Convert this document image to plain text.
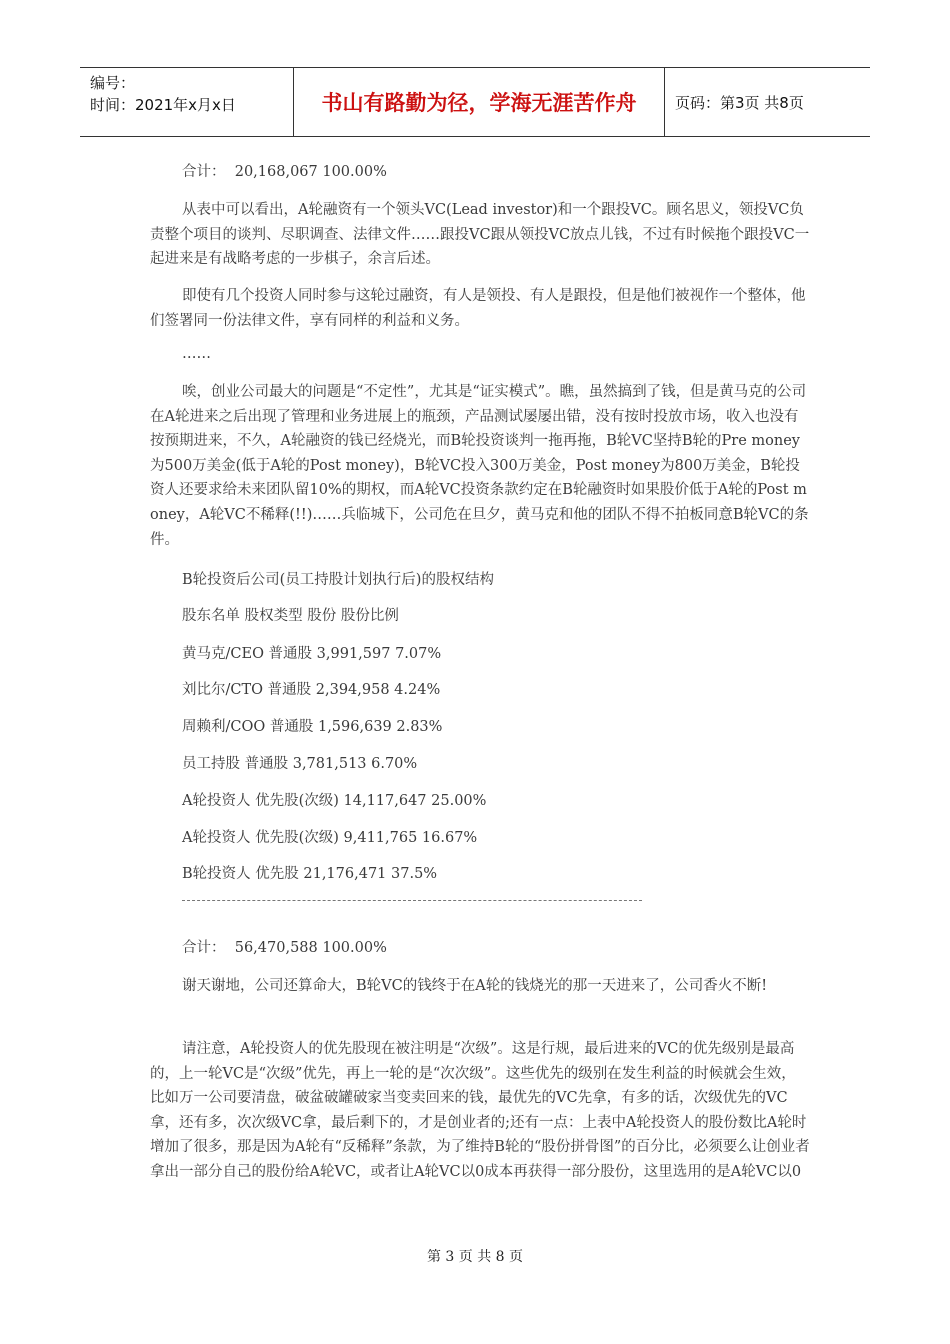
编号：
时间：2021年x月x日	书山有路勤为径，学海无涯苦作舟	页码：第3页 共8页
合计：  20,168,067 100.00%
从表中可以看出，A轮融资有一个领头VC(Lead investor)和一个跟投VC。顾名思义，领投VC负责整个项目的谈判、尽职调查、法律文件……跟投VC跟从领投VC放点儿钱，不过有时候拖个跟投VC一起进来是有战略考虑的一步棋子，余言后述。
即使有几个投资人同时参与这轮过融资，有人是领投、有人是跟投，但是他们被视作一个整体，他们签署同一份法律文件，享有同样的利益和义务。
……
唉，创业公司最大的问题是“不定性”，尤其是“证实模式”。瞧，虽然搞到了钱，但是黄马克的公司在A轮进来之后出现了管理和业务进展上的瓶颈，产品测试屡屡出错，没有按时投放市场，收入也没有按预期进来，不久，A轮融资的钱已经烧光，而B轮投资谈判一拖再拖，B轮VC坚持B轮的Pre money为500万美金(低于A轮的Post money)，B轮VC投入300万美金，Post money为800万美金，B轮投资人还要求给未来团队留10%的期权，而A轮VC投资条款约定在B轮融资时如果股价低于A轮的Post money，A轮VC不稀释(!!)……兵临城下，公司危在旦夕，黄马克和他的团队不得不拍板同意B轮VC的条件。
B轮投资后公司(员工持股计划执行后)的股权结构
股东名单 股权类型 股份 股份比例
黄马克/CEO 普通股 3,991,597 7.07%
刘比尔/CTO 普通股 2,394,958 4.24%
周赖利/COO 普通股 1,596,639 2.83%
员工持股 普通股 3,781,513 6.70%
A轮投资人 优先股(次级) 14,117,647 25.00%
A轮投资人 优先股(次级) 9,411,765 16.67%
B轮投资人 优先股 21,176,471 37.5%
合计：  56,470,588 100.00%
谢天谢地，公司还算命大，B轮VC的钱终于在A轮的钱烧光的那一天进来了，公司香火不断!
请注意，A轮投资人的优先股现在被注明是“次级”。这是行规，最后进来的VC的优先级别是最高的，上一轮VC是“次级”优先，再上一轮的是“次次级”。这些优先的级别在发生利益的时候就会生效，比如万一公司要清盘，破盆破罐破家当变卖回来的钱，最优先的VC先拿，有多的话，次级优先的VC拿，还有多，次次级VC拿，最后剩下的，才是创业者的;还有一点：上表中A轮投资人的股份数比A轮时增加了很多，那是因为A轮有“反稀释”条款，为了维持B轮的“股份拼骨图”的百分比，必须要么让创业者拿出一部分自己的股份给A轮VC，或者让A轮VC以0成本再获得一部分股份，这里选用的是A轮VC以0
第 3 页 共 8 页
